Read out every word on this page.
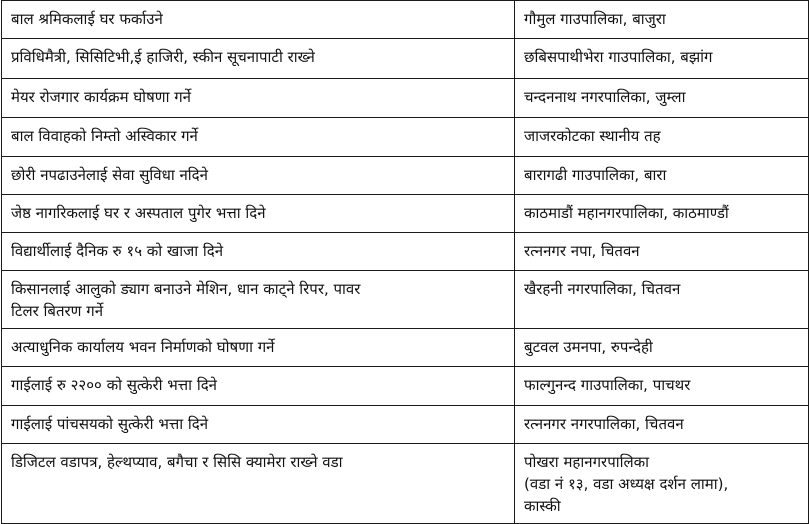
बाल श्रमिकलाई घर फर्काउने	गौमुल गाउपालिका, बाजुरा
प्रविधिमैत्री, सिसिटिभी,ई हाजिरी, स्कीन सूचनापाटी राख्ने	छबिसपाथीभेरा गाउपालिका, बझांग
मेयर रोजगार कार्यक्रम घोषणा गर्ने	चन्दननाथ नगरपालिका, जुम्ला
बाल विवाहको निम्तो अस्विकार गर्ने	जाजरकोटका स्थानीय तह
छोरी नपढाउनेलाई सेवा सुविधा नदिने	बारागढी गाउपालिका, बारा
जेष्ठ नागरिकलाई घर र अस्पताल पुगेर भत्ता दिने	काठमाडौं महानगरपालिका, काठमाण्डौं
विद्यार्थीलाई दैनिक रु १५ को खाजा दिने	रत्ननगर नपा, चितवन

किसानलाई आलुको ड्याग बनाउने मेशिन, धान काट्ने रिपर, पावर
टिलर बितरण गर्ने	खैरहनी नगरपालिका, चितवन
अत्याधुनिक कार्यालय भवन निर्माणको घोषणा गर्ने	बुटवल उमनपा, रुपन्देही
गाईलाई रु २२०० को सुत्केरी भत्ता दिने	फाल्गुनन्द गाउपालिका, पाचथर
गाईलाई पांचसयको सुत्केरी भत्ता दिने	रत्ननगर नगरपालिका, चितवन
डिजिटल वडापत्र, हेल्थप्याव, बगैचा र सिसि क्यामेरा राख्ने वडा	पोखरा महानगरपालिका
(वडा नं १३, वडा अध्यक्ष दर्शन लामा),
कास्की
